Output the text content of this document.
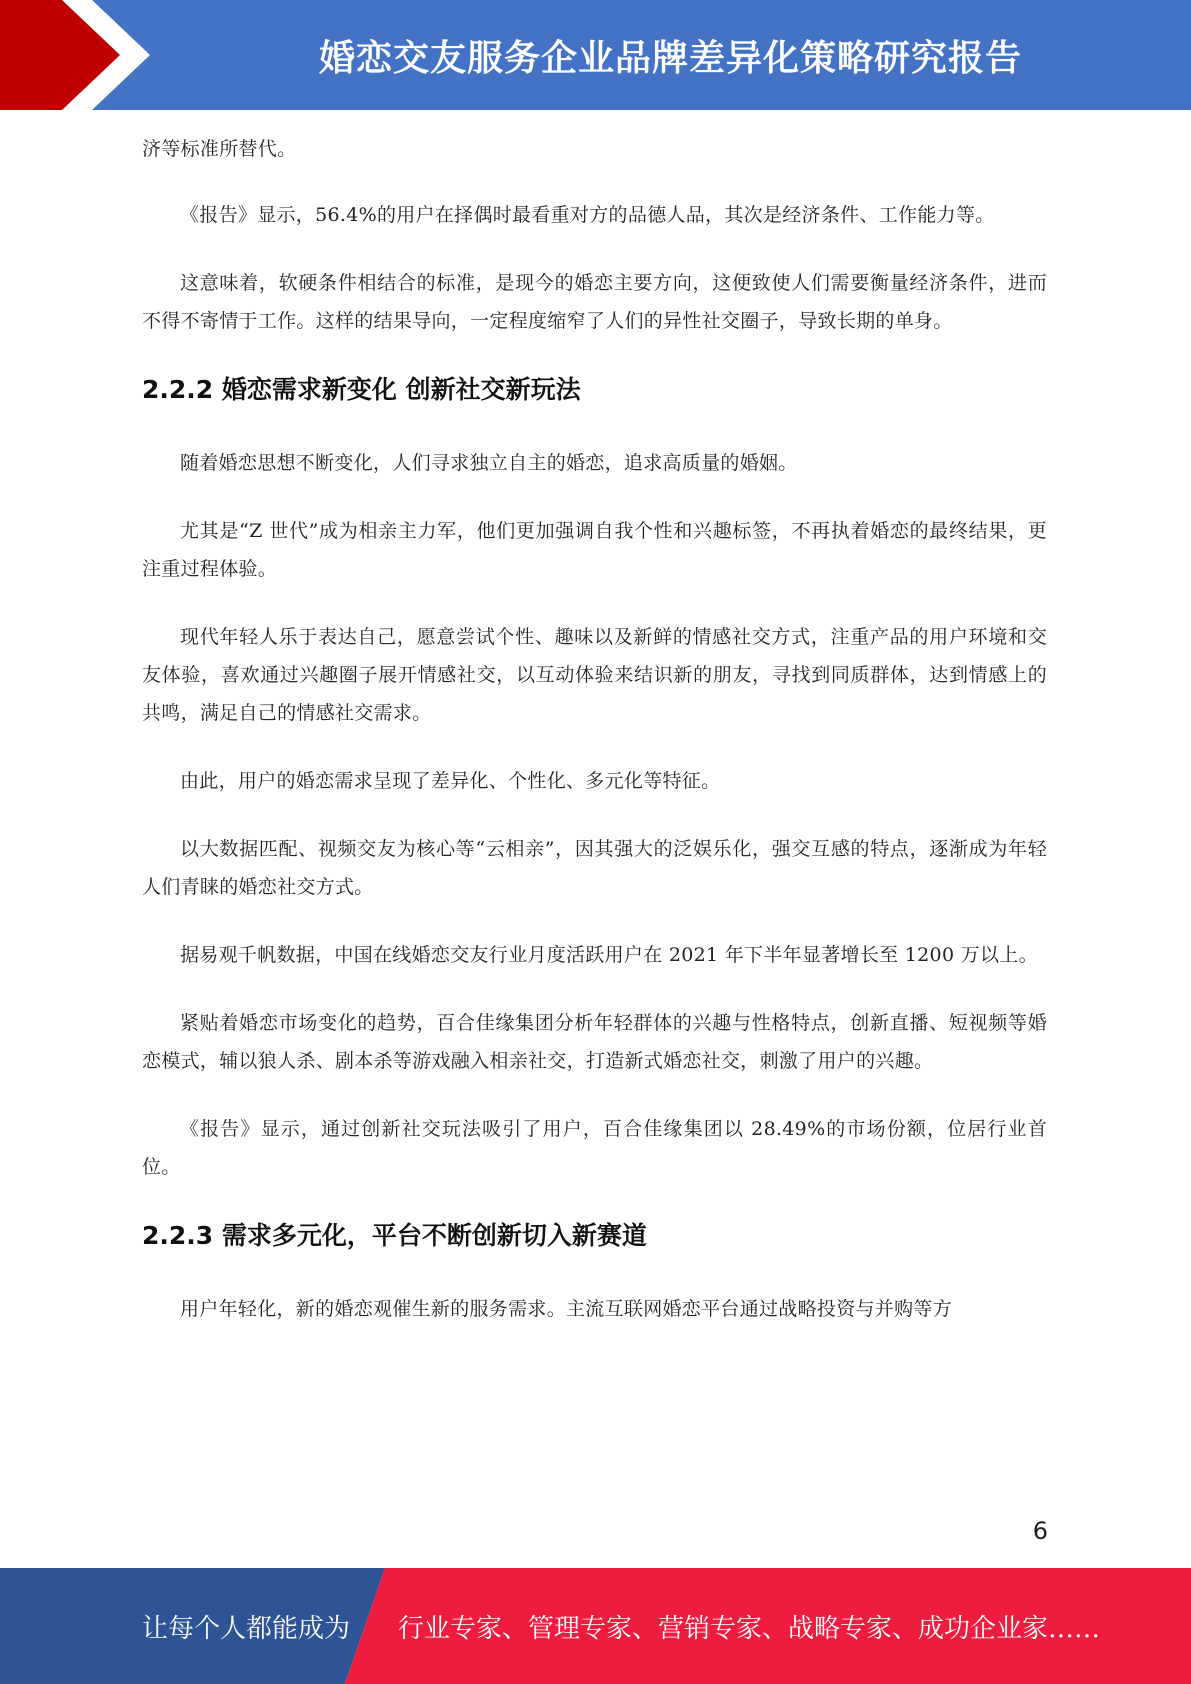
婚恋交友服务企业品牌差异化策略研究报告

济等标准所替代。

《报告》显示，56.4%的用户在择偶时最看重对方的品德人品，其次是经济条件、工作能力等。

这意味着，软硬条件相结合的标准，是现今的婚恋主要方向，这便致使人们需要衡量经济条件，进而不得不寄情于工作。这样的结果导向，一定程度缩窄了人们的异性社交圈子，导致长期的单身。

2.2.2 婚恋需求新变化 创新社交新玩法

随着婚恋思想不断变化，人们寻求独立自主的婚恋，追求高质量的婚姻。

尤其是“Z 世代”成为相亲主力军，他们更加强调自我个性和兴趣标签，不再执着婚恋的最终结果，更注重过程体验。

现代年轻人乐于表达自己，愿意尝试个性、趣味以及新鲜的情感社交方式，注重产品的用户环境和交友体验，喜欢通过兴趣圈子展开情感社交，以互动体验来结识新的朋友，寻找到同质群体，达到情感上的共鸣，满足自己的情感社交需求。

由此，用户的婚恋需求呈现了差异化、个性化、多元化等特征。

以大数据匹配、视频交友为核心等“云相亲”，因其强大的泛娱乐化，强交互感的特点，逐渐成为年轻人们青睐的婚恋社交方式。

据易观千帆数据，中国在线婚恋交友行业月度活跃用户在 2021 年下半年显著增长至 1200 万以上。

紧贴着婚恋市场变化的趋势，百合佳缘集团分析年轻群体的兴趣与性格特点，创新直播、短视频等婚恋模式，辅以狼人杀、剧本杀等游戏融入相亲社交，打造新式婚恋社交，刺激了用户的兴趣。

《报告》显示，通过创新社交玩法吸引了用户，百合佳缘集团以 28.49%的市场份额，位居行业首位。

2.2.3 需求多元化，平台不断创新切入新赛道

用户年轻化，新的婚恋观催生新的服务需求。主流互联网婚恋平台通过战略投资与并购等方

6
让每个人都能成为 行业专家、管理专家、营销专家、战略专家、成功企业家……
